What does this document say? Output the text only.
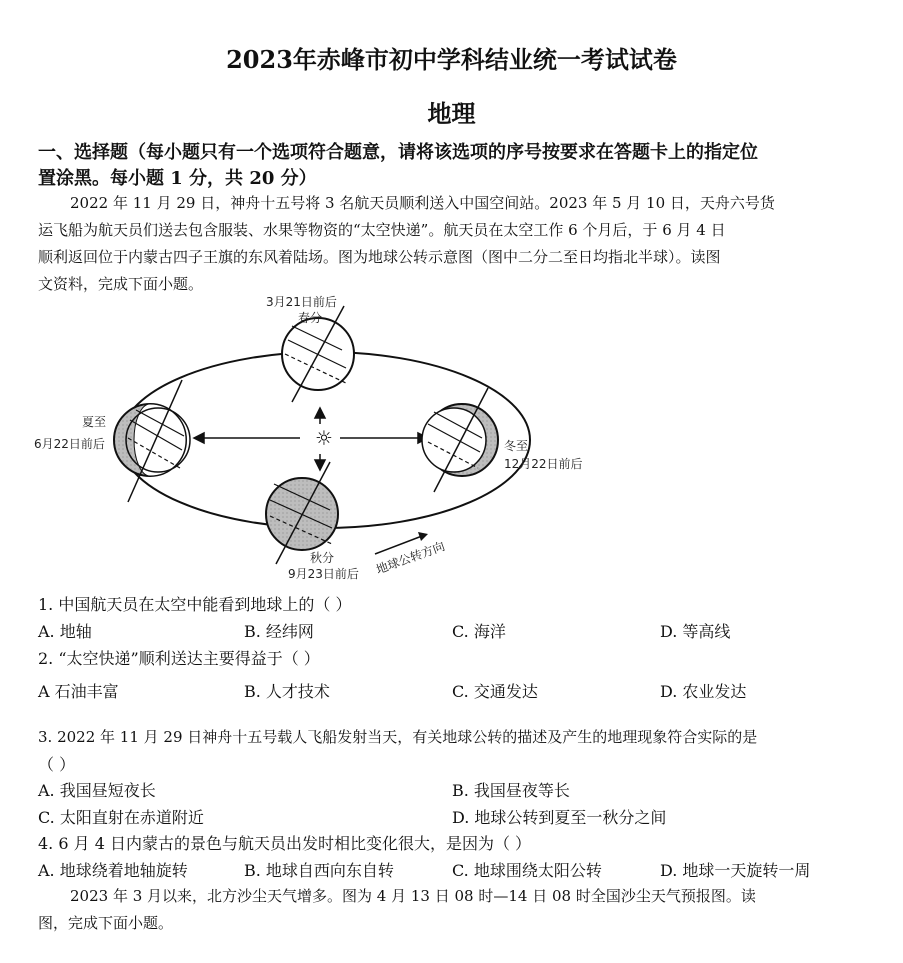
2023年赤峰市初中学科结业统一考试试卷
地理
一、选择题（每小题只有一个选项符合题意，请将该选项的序号按要求在答题卡上的指定位
置涂黑。每小题 1 分，共 20 分）
2022 年 11 月 29 日，神舟十五号将 3 名航天员顺利送入中国空间站。2023 年 5 月 10 日，天舟六号货
运飞船为航天员们送去包含服装、水果等物资的“太空快递”。航天员在太空工作 6 个月后，于 6 月 4 日
顺利返回位于内蒙古四子王旗的东风着陆场。图为地球公转示意图（图中二分二至日均指北半球）。读图
文资料，完成下面小题。
☼
3月21日前后
春分
夏至
6月22日前后	冬至
12月22日前后
秋分
9月23日前后 地球公转方向
1. 中国航天员在太空中能看到地球上的（ ）
A. 地轴	B. 经纬网	C. 海洋	D. 等高线
2. “太空快递”顺利送达主要得益于（ ）
A 石油丰富	B. 人才技术	C. 交通发达	D. 农业发达
3. 2022 年 11 月 29 日神舟十五号载人飞船发射当天，有关地球公转的描述及产生的地理现象符合实际的是
（ ）
A. 我国昼短夜长	B. 我国昼夜等长
C. 太阳直射在赤道附近	D. 地球公转到夏至一秋分之间
4. 6 月 4 日内蒙古的景色与航天员出发时相比变化很大，是因为（ ）
A. 地球绕着地轴旋转	B. 地球自西向东自转	C. 地球围绕太阳公转	D. 地球一天旋转一周
2023 年 3 月以来，北方沙尘天气增多。图为 4 月 13 日 08 时—14 日 08 时全国沙尘天气预报图。读
图，完成下面小题。
